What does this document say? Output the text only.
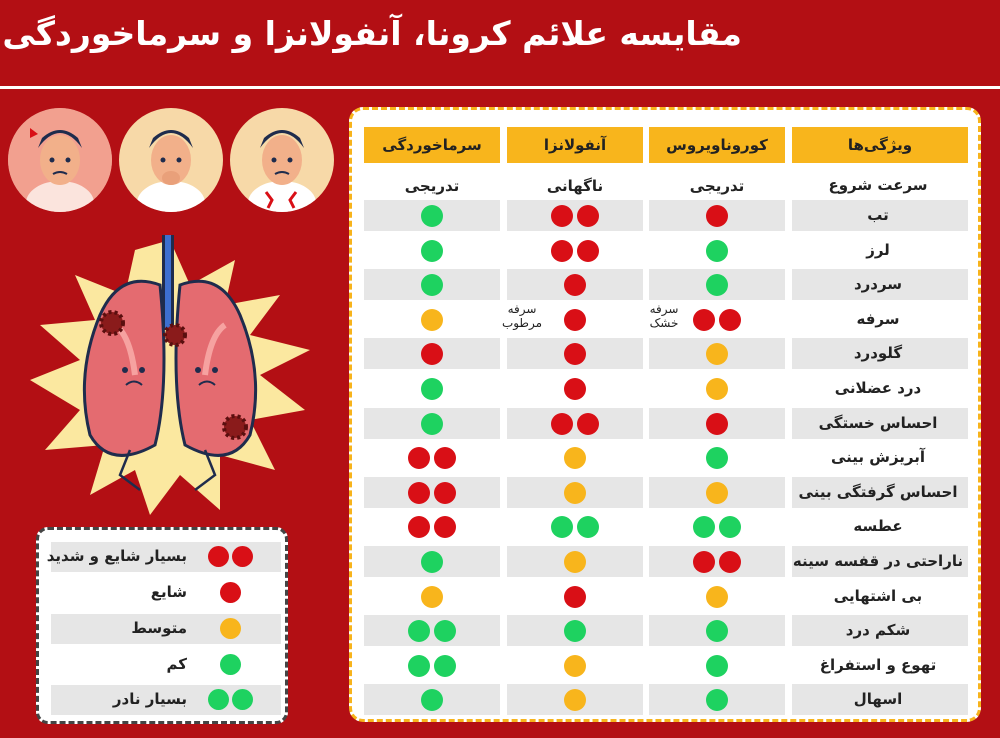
مقایسه علائم کرونا، آنفولانزا و سرماخوردگی
بسیار شایع و شدید
شایع
متوسط
کم
بسیار نادر
ویژگی‌ها
کوروناویروس
آنفولانزا
سرماخوردگی
سرعت شروع
تدریجی
ناگهانی
تدریجی
تب
لرز
سردرد
سرفه
سرفه
خشک
سرفه
مرطوب
گلودرد
درد عضلانی
احساس خستگی
آبریزش بینی
احساس گرفتگی بینی
عطسه
ناراحتی در قفسه سینه
بی اشتهایی
شکم درد
تهوع و استفراغ
اسهال
